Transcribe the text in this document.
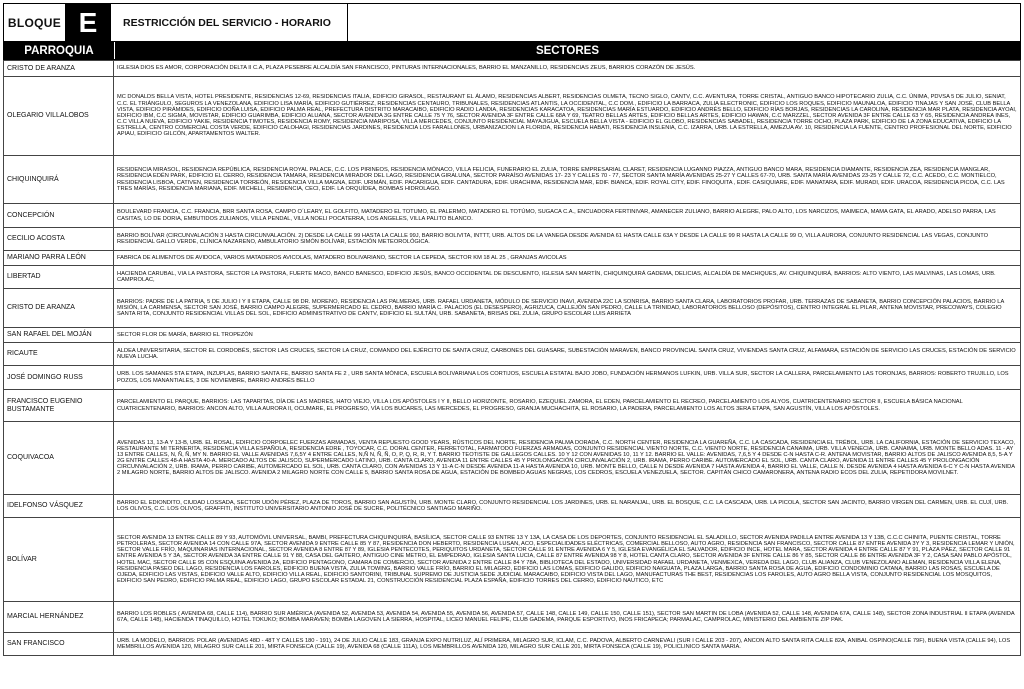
BLOQUE E	RESTRICCIÓN DEL SERVICIO - HORARIO
PARROQUIA	SECTORES
CRISTO DE ARANZA	IGLESIA DIOS ES AMOR, CORPORACIÓN DELTA II C.A, PLAZA PESEBRE ALCALDÍA SAN FRANCISCO, PINTURAS INTERNACIONALES, BARRIO EL MANZANILLO, RESIDENCIAS ZEUS, BARRIOS CORAZÓN DE JESÚS.
OLEGARIO VILLALOBOS	MC DONALDS BELLA VISTA, HOTEL PRESIDENTE, RESIDENCIAS 12-69, RESIDENCIAS ITALIA, EDIFICIO GIRASOL, RESTAURANT EL ÁLAMO, RESIDENCIAS ALBERT, RESIDENCIAS OLMETA, TECNO SIGLO, CANTV, C.C. AVENTURA, TORRE CRISTAL, ANTIGUO BANCO HIPOTECARIO ZULIA, C.C. ÚNIMA, PDVSA 5 DE JULIO, SENIAT, C.C. EL TRIÁNGULO, SEGUROS LA VENEZOLANA, EDIFICIO LISA MARÍA, EDIFICIO GUTIÉRREZ, RESIDENCIAS CENTAURO, TRIBUNALES, RESIDENCIAS ATLANTIS, LA OCCIDENTAL, C.C DOM., EDIFICIO LA BARRACA, ZULIA ELECTRONIC, EDIFICIO LOS ROQUES, EDIFICIO MAUNALOA, EDIFICIO TINAJAS Y SAN JOSÉ, CLUB BELLA VISTA, EDIFICIO PIRÁMIDES, EDIFICIO DOÑA LUISA, EDIFICIO PALMA REAL, PREFECTURA DISTRITO MARACAIBO, EDIFICIO RADIO LANDIA, RESIDENCIAS KARACATOA, RESIDENCIAS MARÍA ESTUARDO, EDIFICIO ANDRÉS BELLO, EDIFICIO RÍAS BORJAS, RESIDENCIAS LA CAROLINA, RESIDENCIA MAR PLATA, RESIDENCIA AYOAI, EDIFICIO IBM, C.C SIGMA, MOVISTAR, EDIFICIO GUARIMBA, EDIFICIO ALUANA, SECTOR AVENIDA 3G ENTRE CALLE 75 Y 76, SECTOR AVENIDA 3F ENTRE CALLE 68A Y 69, TEATRO BELLAS ARTES, EDIFICIO BELLAS ARTES, EDIFICIO HAWAN, C.C MARZZEL, SECTOR AVENIDA 3F ENTRE CALLE 63 Y 65, RESIDENCIA ANDREA INES, C.C VILLA NUEVA, EDIFICIO YAKIE, RESIDENCIA TIMOTES, RESIDENCIA ROMY, RESIDENCIA MARIPOSA, VILLA MERCEDES, CONJUNTO RESIDENCIAL MAYAJIGUA, ESCUELA BELLA VISTA - EDIFICIO EL GLOBO, RESIDENCIAS SABADEL, RESIDENCIA TORRE OCHO, PLAZA PARK, EDIFICIO DE LA ZONA EDUCATIVA, EDIFICIO LA ESTRELLA, CENTRO COMERCIAL COSTA VERDE, EDIFICIO CALOHAGI, RESIDENCIAS JARDINES, RESIDENCIA LOS FARALLONES, URBANIZACION LA FLORIDA, RESIDENCIA HABATI, RESIDENCIA INSLENIA, C.C. IZARRA, URB. LA ESTRELLA, AMEZUA AV. 10, RESIDENCIA LA FUENTE, CENTRO PROFESIONAL DEL NORTE, EDIFICIO APIAU, EDIFICIO GILCÓN, APARTAMENTOS WALTER.
CHIQUINQUIRÁ	RESIDENCIA MIRASOL, RESIDENCIA REPÚBLICA, RESIDENCIA ROYAL PALACE, C.C. LOS PIRINEOS, RESIDENCIA MÓNACO, VILLA FELICIA, FUNERARIO EL ZULIA, TORRE EMPRESARIAL CLARET, RESIDENCIA LUGANNO PIAZZA, ANTIGUO BANCO MARA, RESIDENCIA DIAMANTE, RESIDENCIA ZEA, RESIDENCIA MANGLAR, RESIDENCIA EDÉN PARK, EDIFICIO EL CERRO, RESIDENCIA TAMARA, RESIDENCIA MIRADOR DEL LAGO, RESIDENCIA GIRALUNA, SECTOR PARAÍSO AVENIDAS 17- 23 Y CALLES 70 - 77, SECTOR SANTA MARÍA AVENIDAS 25-27 Y CALLES 67-70, URB. SANTA MARÍA AVENIDAS 23-25 Y CALLE 72, C.C. ACEDO, C.C. MONTIELCO, RESIDENCIA LISBOA, CATIVEN, RESIDENCIA TORREÓN, RESIDENCIA VILLA MAGNA, EDIF. URIMÁN, EDIF. PACARIGUA, EDIF. CANTADURA, EDIF. URACHIMA, RESIDENCIA MAR, EDIF. BIANCA, EDIF. ROYAL CITY, EDIF. FINOQUITA , EDIF. CASIQUIARE, EDIF. MANATARA, EDIF. MURADI, EDIF. URACOA, RESIDENCIA PICOA, C.C. LAS TRES MARÍAS, RESIDENCIA MARIANA, EDIF. MICHELL, RESIDENCIA, CECI, EDIF. LA ORQUÍDEA, BOMBAS HIDROLAGO.
CONCEPCIÓN	BOULEVARD FRANCIA, C.C. FRANCIA, BRR SANTA ROSA, CAMPO O´LEARY, EL GOLFITO, MATADERO EL TOTUMO, EL PALERMO, MATADERO EL TOTÚMO, SUGACA C.A., ENCUADORA FERTINIVAR, AMANECER ZULIANO, BARRIO ALEGRE, PALO ALTO, LOS NARCIZOS, MAIMECA, MAMA GATA, EL ARADO, ADELSO PARRA, LAS CASITAS, LO DE DORIA, EMBUTIDOS ZULIANOS, VILLA PENDAL, VILLA NOELI POCATERRA, LOS ANGELES, VILLA PALITO BLANCO.
CECILIO ACOSTA	BARRIO BOLÍVAR (CIRCUNVALACIÓN 3 HASTA CIRCUNVALACIÓN. 2) DESDE LA CALLE 99 HASTA LA CALLE 99J, BARRIO BOLIVITA, INTTT, URB. ALTOS DE LA VANEGA DESDE AVENIDA 61 HASTA CALLE 63A Y DESDE LA CALLE 99 R HASTA LA CALLE 99 O, VILLA AURORA, CONJUNTO RESIDENCIAL LAS VEGAS, CONJUNTO RESIDENCIAL GALLO VERDE, CLÍNICA NAZARENO, AMBULATORIO SIMÓN BOLÍVAR, ESTACIÓN METEOROLÓGICA.
MARIANO PARRA LEÓN	FABRICA DE ALIMENTOS DE AVIDOCA, VARIOS MATADEROS AVICOLAS, MATADERO BOLIVARIANO, SECTOR LA CEPEDA, SECTOR KM 18 AL 25 , GRANJAS AVICOLAS
LIBERTAD	HACIENDA CARUBAL, VIA LA PASTORA, SECTOR LA PASTORA, FUERTE MACO, BANCO BANESCO, EDIFICIO JESÚS, BANCO OCCIDENTAL DE DESCUENTO, IGLESIA SAN MARTÍN, CHIQUINQUIRÁ GADEMA, DELICIAS, ALCALDÍA DE MACHIQUES, AV. CHIQUINQUIRÁ, BARRIOS: ALTO VIENTO, LAS MALVINAS, LAS LOMAS, URB. CAMPROLAC,
CRISTO DE ARANZA	BARRIOS: PADRE DE LA PATRIA, 5 DE JULIO I Y II ETAPA, CALLE 98 DR. MORENO, RESIDENCIA LAS PALMERAS, URB. RAFAEL URDANETA, MÓDULO DE SERVICIO INAVI, AVENIDA 22C LA SONRISA, BARRIO SANTA CLARA, LABORATORIOS PROFAR, URB. TERRAZAS DE SABANETA, BARRIO CONCEPCIÓN PALACIOS, BARRIO LA MISIÓN, LA CARMENSA, SECTOR SAN JOSÉ, BARRIO CAMPO ALEGRE, SUPERMERCADO EL CEDRO, BARRIO MARÍA C. PALACIOS (EL DESESPERO), AGRIZUCA, CALLEJÓN SAN PEDRO, CALLE LA TRINIDAD, LABORATORIOS BELLOSO (DEPÓSITOS), CENTRO INTEGRAL EL PILAR, ANTENA MOVISTAR, PRECOWAYS, COLEGIO SANTA RITA, CONJUNTO RESIDENCIAL VILLAS DEL SOL, EDIFICIO ADMINISTRATIVO DE CANTV, EDIFICIO EL SULTÁN, URB. SABANETA, BRISAS DEL ZULIA, GRUPO ESCOLAR LUIS ARRIETA
SAN RAFAEL DEL MOJÁN	SECTOR FLOR DE MARÍA, BARRIO EL TROPEZÓN
RICAUTE	ALDEA UNIVERSITARIA, SECTOR EL CORDOBÉS, SECTOR LAS CRUCES, SECTOR LA CRUZ, COMANDO DEL EJÉRCITO DE SANTA CRUZ, CARBONES DEL GUASARE, SUBESTACIÓN MARAVEN, BANCO PROVINCIAL SANTA CRUZ, VIVIENDAS SANTA CRUZ, ALFAMARA, ESTACIÓN DE SERVICIO LAS CRUCES, ESTACIÓN DE SERVICIO NUEVA LUCHA.
JOSÉ DOMINGO RUSS	URB. LOS SAMANES 5TA ETAPA, INZUPLAS, BARRIO SANTA FE, BARRIO SANTA FE 2 , URB SANTA MÓNICA, ESCUELA BOLIVARIANA LOS CORTIJOS, ESCUELA ESTATAL BAJO JOBO, FUNDACIÓN HERMANOS LUFKIN, URB. VILLA SUR, SECTOR LA CALLERA, PARCELAMIENTO LAS TORONJAS, BARRIOS: ROBERTO TRUJILLO, LOS POZOS, LOS MANANTIALES, 3 DE NOVIEMBRE, BARRIO ANDRÉS BELLO
FRANCISCO EUGENIO BUSTAMANTE	PARCELAMIENTO EL PARQUE, BARRIOS: LAS TAPARITAS, DÍA DE LAS MADRES, HATO VIEJO, VILLA LOS APÓSTOLES I Y II, BELLO HORIZONTE, ROSARIO, EZEQUIEL ZAMORA, EL EDEN, PARCELAMIENTO EL RECREO, PARCELAMIENTO LOS ALYOS, CUATRICENTENARIO SECTOR II, ESCUELA BÁSICA NACIONAL CUATRICENTENARIO, BARRIOS: ANCON ALTO, VILLA AURORA II, OCUMARE, EL PROGRESO, VÍA LOS BUCARES, LAS MERCEDES, EL PROGRESO, GRANJA MUCHACHITA, EL ROSARIO, LA PADERA, PARCELAMIENTO LOS ALTOS 3ERA ETAPA, SAN AGUSTÍN, VILLA LOS APÓSTOLES.
COQUIVACOA	AVENIDAS 13, 13-A Y 13-B, URB. EL ROSAL, EDIFICIO CORPOELEC FUERZAS ARMADAS, VENTA REPUESTO GOOD YEARS, RÚSTICOS DEL NORTE, RESIDENCIA PALMA DORADA, C.C. NORTH CENTER, RESIDENCIA LA GUAREÑA, C.C. LA CASCADA, RESIDENCIA EL TRÉBOL, URB. LA CALIFORNIA, ESTACIÓN DE SERVICIO TEXACO, RESTAURANTE MI TERNERITA, RESIDENCIA VILLA ESPAÑOLA, RESIDENCIA EDRE , TOYOCAR, C.C. DORAL CENTER, FERRETOTAL, FARMATODO FUERZAS ARMADAS, CONJUNTO RESIDENCIAL VIENTO NORTE, C.C. VIENTO NORTE, RESIDENCIA CANAIMA, URB. VILLA VENECIA, URB. CANAIMA, URB. MONTE BELLO ADAS. 11 - AY 13 ENTRE CALLES, N, Ñ, Ñ, MY N. BARRIO EL VALLE AVENIDAS 7,6,5Y 4 ENTRE CALLES, N,Ñ N, Ñ, Ñ, O, P, Q, R, R, Y T. BARRIO TEOTISTE DE GALLEGOS CALLES. 10 Y 12 CON AVENIDAS 10, 11 Y 12. BARRIO EL VALLE: AVENIDAS, 7,6,5 Y 4 DESDE C-N HASTA C-R. ANTENA MOVISTAR, BARRIO ALTOS DE JALISCO AVENIDA 8,5, 5-A Y 2G ENTRE CALLES 48-A HASTA 40-A. MERCADO ALTOS DE JALISCO, SUPERMERCADO LATINO, URB. CANTA CLARO, AVENIDA 11 ENTRE CALLES 45 Y PROLONGACIÓN CIRCUNVALACIÓN 2, URB. IRAMA, PERRO CARIBE. AUTOMERCADO EL SOL, URB. CANTA CLARO, AVENIDA 11 ENTRE CALLES 45 Y PROLONGACIÓN CIRCUNVALACIÓN 2, URB. IRAMA, PERRO CARIBE, AUTOMERCADO EL SOL, URB. CANTA CLARO, CON AVENIDAS 13 Y 11-A C-N DESDE AVENIDA 11-A HASTA AVENIDA 10, URB. MONTE BELLO, CALLE N DESDE AVENIDA 7 HASTA AVENIDA 4, BARRIO EL VALLE, CALLE N. DESDE AVENIDA 4 HASTA AVENIDA 6-C Y C-N HASTA AVENIDA 2 MILAGRO NORTE, BARRIO ALTOS DE JALISCO. AVENIDA 2 MILAGRO NORTE CON CALLE 5, BARRIO SANTA ROSA DE AGUA, ESTACIÓN DE BOMBEO AGUAS NEGRAS, LOS CEDROS, ESCUELA VENEZUELA, SECTOR. CAPITÁN CHICO CAMARONERA, ANTENA RADIO ECOS DEL ZULIA, REPETIDORA MOVILNET.
IDELFONSO VÁSQUEZ	BARRIO EL EDIONDITO, CIUDAD LOSSADA, SECTOR UDÓN PÉREZ, PLAZA DE TOROS, BARRIO SAN AGUSTÍN, URB. MONTE CLARO, CONJUNTO RESIDENCIAL LOS JARDINES, URB. EL NARANJAL, URB. EL BOSQUE, C.C. LA CASCADA, URB. LA PICOLA, SECTOR SAN JACINTO, BARRIO VIRGEN DEL CARMEN, URB. EL CUJÍ, URB. LOS OLIVOS, C.C. LOS OLIVOS, GRAFFITI, INSTITUTO UNIVERSITARIO ANTONIO JOSÉ DE SUCRE, POLITÉCNICO SANTIAGO MARIÑO.
BOLÍVAR	SECTOR AVENIDA 13 ENTRE CALLE 89 Y 93, AUTOMÓVIL UNIVERSAL, BAMBI, PREFECTURA CHIQUINQUIRÁ, BASÍLICA, SECTOR CALLE 93 ENTRE 13 Y 13A, LA CASA DE LOS DEPORTES, CONJUNTO RESIDENCIAL EL SALADILLO, SECTOR AVENIDA PADILLA ENTRE AVENIDA 13 Y 13B, C.C.C CHINITA, PUENTE CRISTAL, TORRE PETROLERAS, SECTOR AVENIDA 14 CON CALLE 97A, SECTOR AVENIDA 9 ENTRE CALLE 85 Y 87, RESIDENCIA DON HEBERTO, RESIDENCIA LUSAN, ACO, ESPECIALIDADES ELÉCTRICAS, COMERCIAL BELLOSO, AUTO AGRO, RESIDENCIA SAN FRANCISCO, SECTOR CALLE 87 ENTRE AVENIDA 3Y Y 3, RESIDENCIA LEMAR Y UNIÓN, SECTOR VALLE FRÍO, MAQUINARIAS INTERNACIONAL, SECTOR AVENIDA 8 ENTRE 87 Y 89, IGLESIA PENTECOTES, PERIQUITOS URDANETA, SECTOR CALLE 91 ENTRE AVENIDA 6 Y 5, IGLESIA EVANGÉLICA EL SALVADOR, EDIFICIO INCE, HOTEL MARA, SECTOR AVENIDA 4 ENTRE CALLE 87 Y 91, PLAZA PÁEZ, SECTOR CALLE 91 ENTRE AVENIDA 5 Y 3A, SECTOR AVENIDA 3A ENTRE CALLE 91 Y 88, CASA DEL GAITERO, ANTIGUO CINE METRO, EL EMPEDRAO, IGLESIA SANTA LUCIA, CALLE 87 ENTRE AVENIDA 98 Y 8, HOTEL CANTA CLARO, SECTOR AVENIDA 3F ENTRE CALLE 86 Y 85, SECTOR CALLE 86 ENTRE AVENIDA 3F Y 2, CASA SAN PABLO APÓSTOL, HOTEL MAC, SECTOR CALLE 95 CON ESQUINA AVENIDA 2A, EDIFICIO PENTAGONO, CAMARA DE COMERCIO, SECTOR AVENIDA 2 ENTRE CALLE 84 Y 78A, BIBLIOTECA DEL ESTADO, UNIVERSIDAD RAFAEL URDANETA, VENMEXCA, VEREDA DEL LAGO, CLUB ALIANZA, CLUB VENEZOLANO ALEMAN, RESIDENCIA VILLA ELENA, RESIDENCIA PASEO DEL LAGO, RESIDENCIA LOS FAROLES, EDIFICIO BUENA VISTA, ZULIA TOWING, BARRIO VALLE FRÍO, BARRIO EL MILAGRO, EDIFICIO LAS LOMAS, EDIFICIO GALIDO, EDIFICIO NAIGUATA, PLAZA LARGA, BARRIO SANTA ROSA DE AGUA, EDIFICIO CONDOMINIO CATANA, BARRIO LAS ROSAS, ESCUELA DE OJEDA, EDIFICIO LAS VISTAS, EDIFICIO VALLE ALTO, EDIFICIO VILLA REAL, EDIFICIO SANTORINI, TRIBUNAL SUPREMO DE JUSTICIA SEDE JUDICIAL MARACAIBO, EDIFICIO VISTA DEL LAGO, MANUFACTURAS THE BEST, RESIDENCIAS LOS FAROLES, AUTO AGRO BELLA VISTA, CONJUNTO RESIDENCIAL LOS MOSQUITOS, EDIFICIO SAN PEDRO, EDIFICIO PALMA REAL, EDIFICIO LAGO, GRUPO ESCOLAR ESTADAL 21, CONSTRUCCIÓN RESIDENCIAL PLAZA ESPAÑA, EDIFICIO TORRES DEL CERRO, EDIFICIO NAUTICO, ETC
MARCIAL HERNÁNDEZ	BARRIO LOS ROBLES ( AVENIDA 68, CALLE 114), BARRIO SUR AMÉRICA (AVENIDA 52, AVENIDA 53, AVENIDA 54, AVENIDA 55, AVENIDA 56, AVENIDA 57, CALLE 148, CALLE 149, CALLE 150, CALLE 151), SECTOR SAN MARTIN DE LOBA (AVENIDA 52, CALLE 148, AVENIDA 67A, CALLE 148), SECTOR ZONA INDUSTRIAL II ETAPA (AVENIDA 67A, CALLE 148), HACIENDA TINAQUILLO, HOTEL TOKUKO; BOMBA MARAVEN; BOMBA LAGOVEN LA SIERRA, HOSPITAL, LICEO MANUEL FELIPE, CLUB GADEMA, PARQUE ESPORTIVO, INOS FRICAPECA; PARMALAC, CAMPROLAC, MINISTERIO DEL AMBIENTE ZIP PAK.
SAN FRANCISCO	URB. LA MODELO, BARRIOS: POLAR (AVENIDAS 48D - 48T Y CALLES 180 - 191), 24 DE JULIO CALLE 183, GRANJA EXPO NUTRILUZ, ALÍ PRIMERA, MILAGRO SUR, ICLAM, C.C. PADOVA, ALBERTO CARNEVALI (SUR I CALLE 203 - 207), ANCON ALTO SANTA RITA CALLE 82A, ANIBAL OSPINO(CALLE 79F), BUENA VISTA (CALLE 94), LOS MEMBRILLOS AVENIDA 120, MILAGRO SUR CALLE 201, MIRTA FONSECA (CALLE 19), AVENIDA 68 (CALLE 111A), LOS MEMBRILLOS AVENIDA 120, MILAGRO SUR CALLE 201, MIRTA FONSECA (CALLE 19), POLICLINICO SANTA MARIA.
